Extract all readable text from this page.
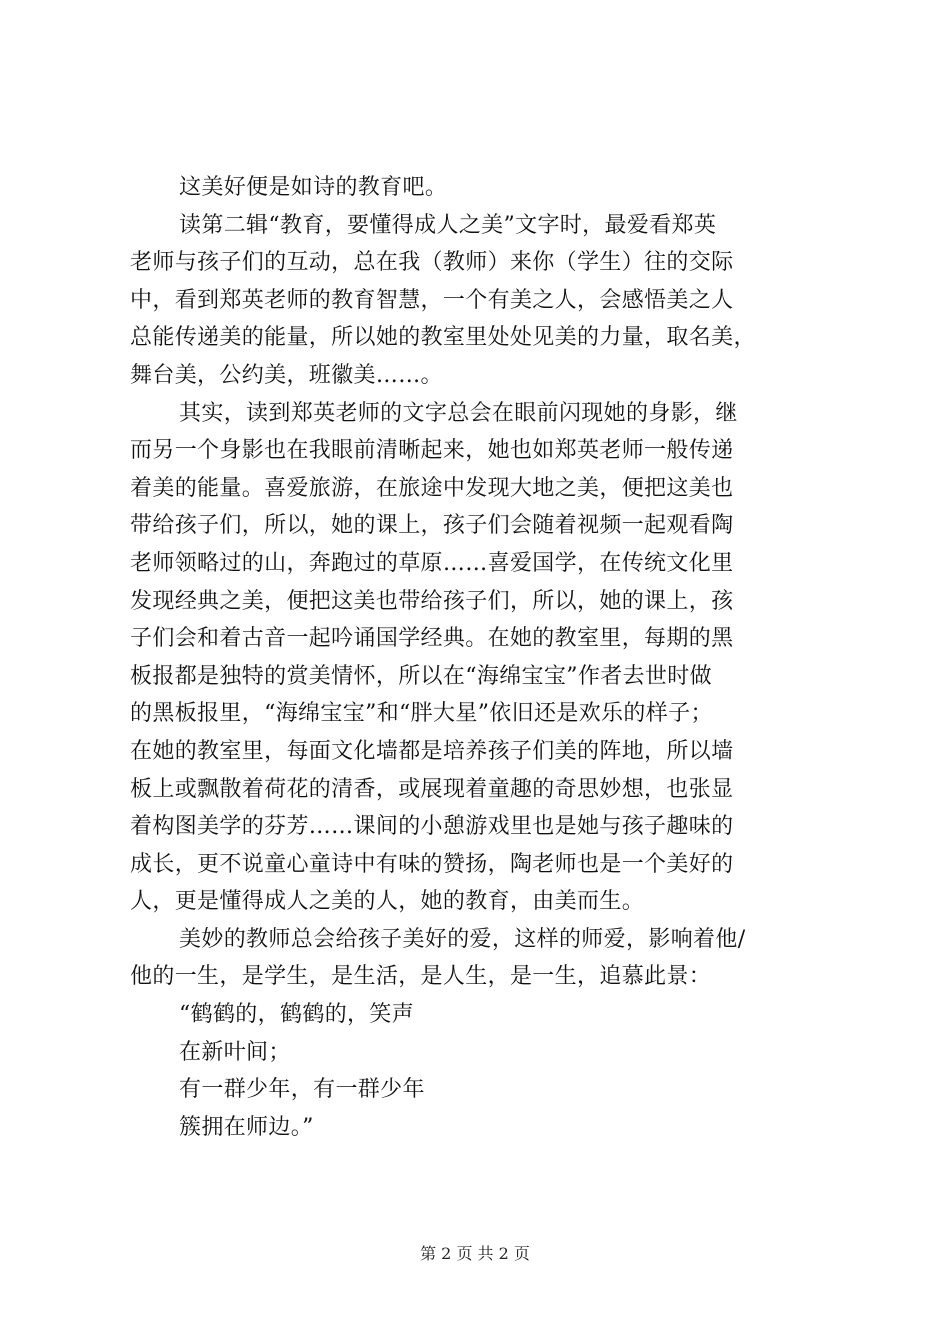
这美好便是如诗的教育吧。
读第二辑“教育，要懂得成人之美”文字时，最爱看郑英
老师与孩子们的互动，总在我（教师）来你（学生）往的交际
中，看到郑英老师的教育智慧，一个有美之人，会感悟美之人
总能传递美的能量，所以她的教室里处处见美的力量，取名美，
舞台美，公约美，班徽美……。
其实，读到郑英老师的文字总会在眼前闪现她的身影，继
而另一个身影也在我眼前清晰起来，她也如郑英老师一般传递
着美的能量。喜爱旅游，在旅途中发现大地之美，便把这美也
带给孩子们，所以，她的课上，孩子们会随着视频一起观看陶
老师领略过的山，奔跑过的草原……喜爱国学，在传统文化里
发现经典之美，便把这美也带给孩子们，所以，她的课上，孩
子们会和着古音一起吟诵国学经典。在她的教室里，每期的黑
板报都是独特的赏美情怀，所以在“海绵宝宝”作者去世时做
的黑板报里，“海绵宝宝”和“胖大星”依旧还是欢乐的样子；
在她的教室里，每面文化墙都是培养孩子们美的阵地，所以墙
板上或飘散着荷花的清香，或展现着童趣的奇思妙想，也张显
着构图美学的芬芳……课间的小憩游戏里也是她与孩子趣味的
成长，更不说童心童诗中有味的赞扬，陶老师也是一个美好的
人，更是懂得成人之美的人，她的教育，由美而生。
美妙的教师总会给孩子美好的爱，这样的师爱，影响着他/
他的一生，是学生，是生活，是人生，是一生，追慕此景：
“鹤鹤的，鹤鹤的，笑声
在新叶间；
有一群少年，有一群少年
簇拥在师边。”
第 2 页 共 2 页
